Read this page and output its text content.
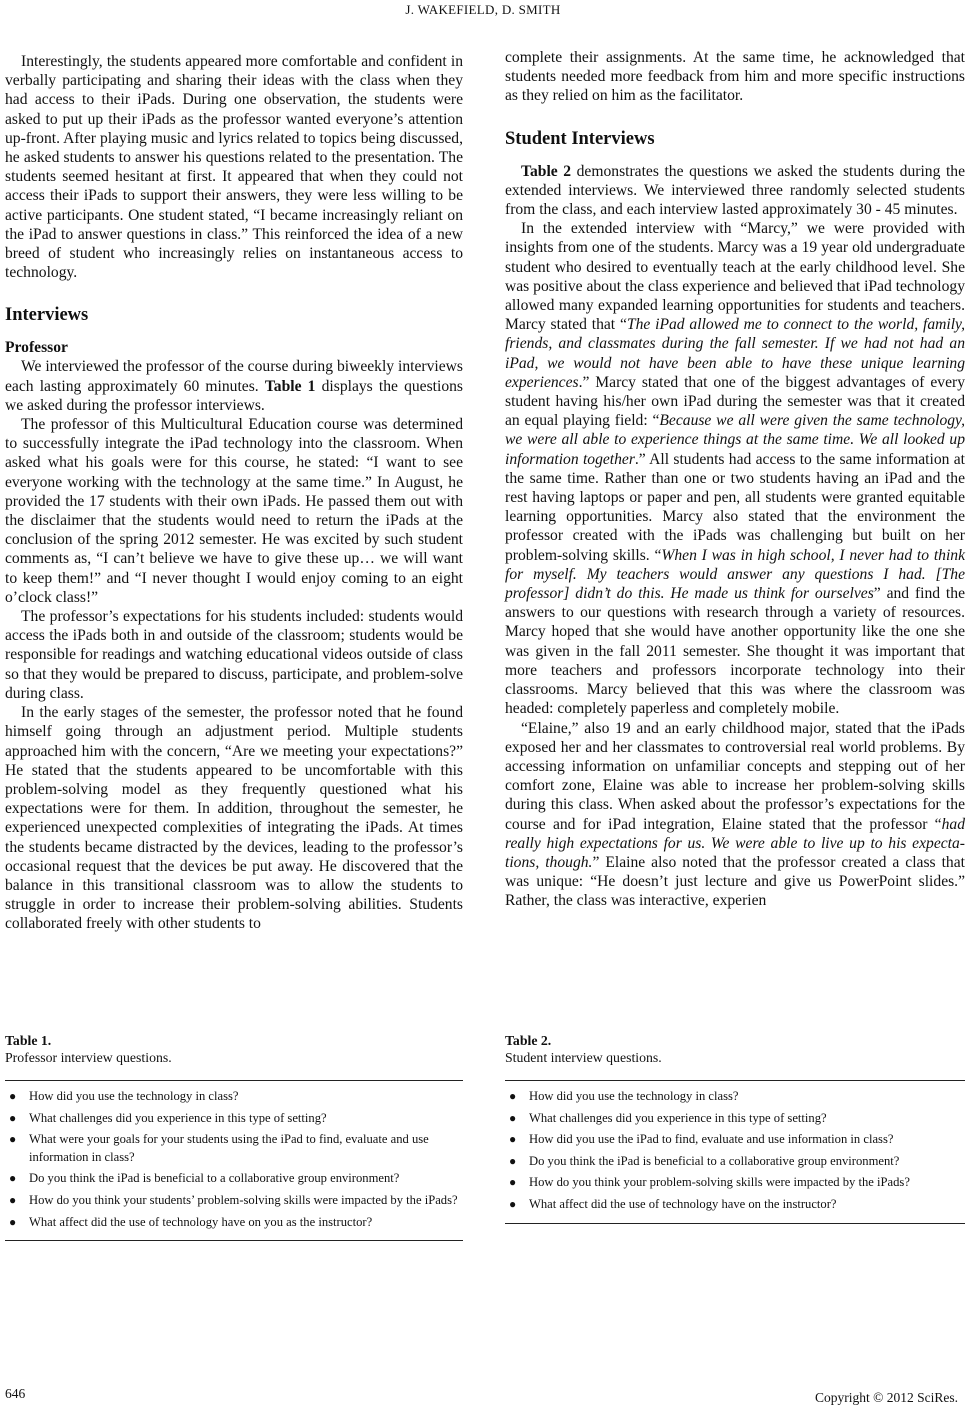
J. WAKEFIELD, D. SMITH

Interestingly, the students appeared more comfortable and confident in verbally participating and sharing their ideas with the class when they had access to their iPads. During one observation, the students were asked to put up their iPads as the professor wanted everyone’s attention up-front. After playing music and lyrics related to topics being discussed, he asked students to answer his questions related to the presentation. The students seemed hesitant at first. It appeared that when they could not access their iPads to support their answers, they were less willing to be active participants. One student stated, “I became increasingly reliant on the iPad to answer questions in class.” This reinforced the idea of a new breed of student who increasingly relies on instantaneous access to technology.

Interviews
Professor

We interviewed the professor of the course during biweekly interviews each lasting approximately 60 minutes. Table 1 displays the questions we asked during the professor interviews.

The professor of this Multicultural Education course was determined to successfully integrate the iPad technology into the classroom. When asked what his goals were for this course, he stated: “I want to see everyone working with the technology at the same time.” In August, he provided the 17 students with their own iPads. He passed them out with the disclaimer that the students would need to return the iPads at the conclusion of the spring 2012 semester. He was excited by such student comments as, “I can’t believe we have to give these up… we will want to keep them!” and “I never thought I would enjoy coming to an eight o’clock class!”

The professor’s expectations for his students included: students would access the iPads both in and outside of the classroom; students would be responsible for readings and watching educational videos outside of class so that they would be prepared to discuss, participate, and problem-solve during class.

In the early stages of the semester, the professor noted that he found himself going through an adjustment period. Multiple students approached him with the concern, “Are we meeting your expectations?” He stated that the students appeared to be uncomfortable with this problem-solving model as they frequently questioned what his expectations were for them. In addition, throughout the semester, he experienced unexpected complexities of integrating the iPads. At times the students became distracted by the devices, leading to the professor’s occasional request that the devices be put away. He discovered that the balance in this transitional classroom was to allow the students to struggle in order to increase their problem-solving abilities. Students collaborated freely with other students to

complete their assignments. At the same time, he acknowledged that students needed more feedback from him and more specific instructions as they relied on him as the facilitator.

Student Interviews

Table 2 demonstrates the questions we asked the students during the extended interviews. We interviewed three randomly selected students from the class, and each interview lasted approximately 30 - 45 minutes.

In the extended interview with “Marcy,” we were provided with insights from one of the students. Marcy was a 19 year old undergraduate student who desired to eventually teach at the early childhood level. She was positive about the class experience and believed that iPad technology allowed many expanded learning opportunities for students and teachers. Marcy stated that “The iPad allowed me to connect to the world, family, friends, and classmates during the fall semester. If we had not had an iPad, we would not have been able to have these unique learning experiences.” Marcy stated that one of the biggest advantages of every student having his/her own iPad during the semester was that it created an equal playing field: “Because we all were given the same technology, we were all able to experience things at the same time. We all looked up information together.” All students had access to the same information at the same time. Rather than one or two students having an iPad and the rest having laptops or paper and pen, all students were granted equitable learning opportunities. Marcy also stated that the environment the professor created with the iPads was challenging but built on her problem-solving skills. “When I was in high school, I never had to think for myself. My teachers would answer any questions I had. [The professor] didn’t do this. He made us think for ourselves” and find the answers to our questions with research through a variety of resources. Marcy hoped that she would have another opportunity like the one she was given in the fall 2011 semester. She thought it was important that more teachers and professors incorporate technology into their classrooms. Marcy believed that this was where the classroom was headed: completely paperless and completely mobile.

“Elaine,” also 19 and an early childhood major, stated that the iPads exposed her and her classmates to controversial real world problems. By accessing information on unfamiliar concepts and stepping out of her comfort zone, Elaine was able to increase her problem-solving skills during this class. When asked about the professor’s expectations for the course and for iPad integration, Elaine stated that the professor “had really high expectations for us. We were able to live up to his expectations, though.” Elaine also noted that the professor created a class that was unique: “He doesn’t just lecture and give us PowerPoint slides.” Rather, the class was interactive, experien

Table 1.

Professor interview questions.

● How did you use the technology in class?
● What challenges did you experience in this type of setting?
● What were your goals for your students using the iPad to find, evaluate and use information in class?
● Do you think the iPad is beneficial to a collaborative group environment?
● How do you think your students’ problem-solving skills were impacted by the iPads?
● What affect did the use of technology have on you as the instructor?

Table 2.

Student interview questions.

● How did you use the technology in class?
● What challenges did you experience in this type of setting?
● How did you use the iPad to find, evaluate and use information in class?
● Do you think the iPad is beneficial to a collaborative group environment?
● How do you think your problem-solving skills were impacted by the iPads?
● What affect did the use of technology have on the instructor?
646	Copyright © 2012 SciRes.
